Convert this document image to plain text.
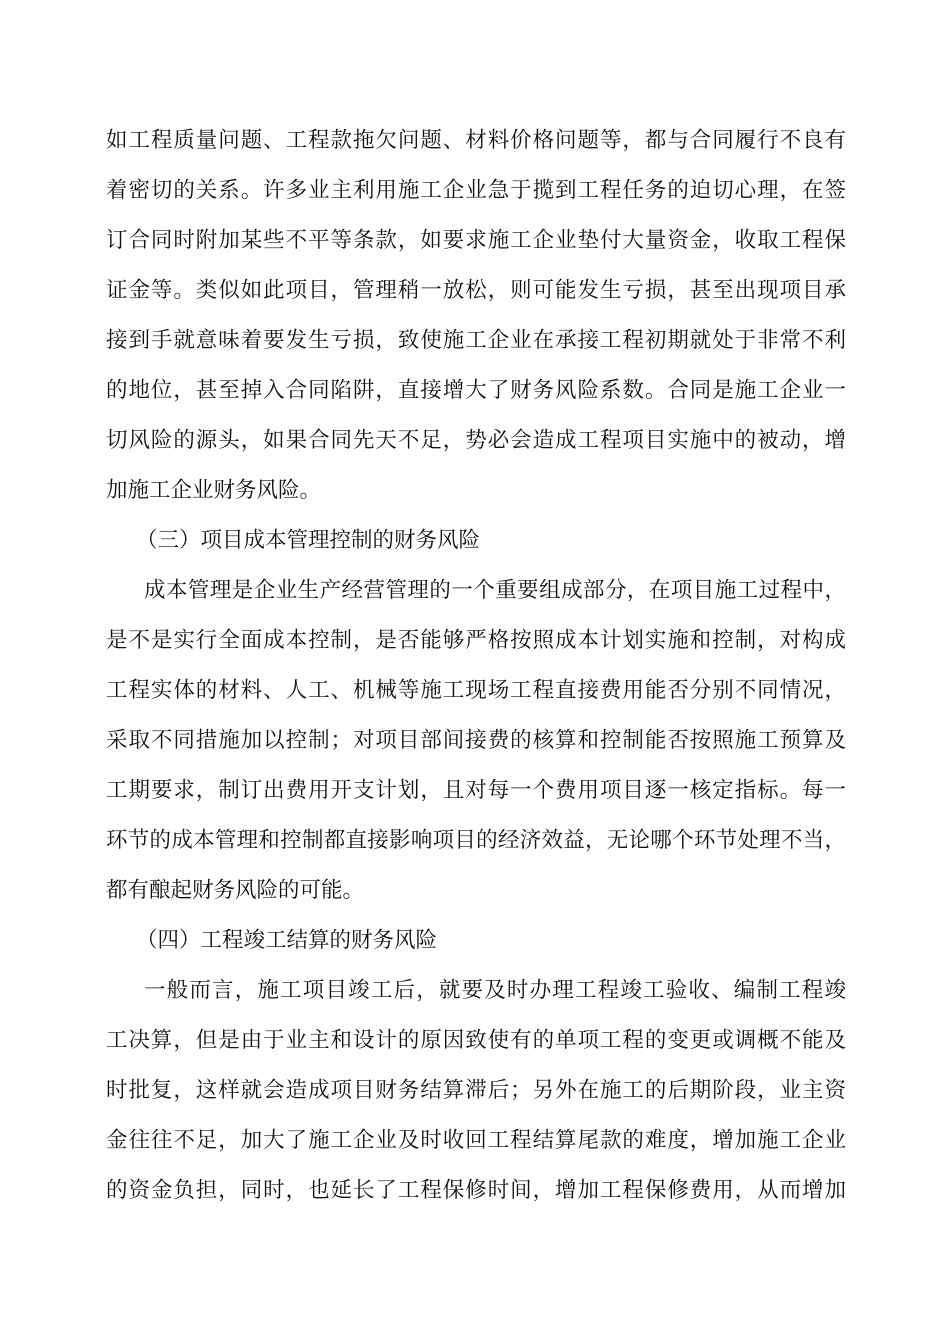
如工程质量问题、工程款拖欠问题、材料价格问题等，都与合同履行不良有
着密切的关系。许多业主利用施工企业急于揽到工程任务的迫切心理，在签
订合同时附加某些不平等条款，如要求施工企业垫付大量资金，收取工程保
证金等。类似如此项目，管理稍一放松，则可能发生亏损，甚至出现项目承
接到手就意味着要发生亏损，致使施工企业在承接工程初期就处于非常不利
的地位，甚至掉入合同陷阱，直接增大了财务风险系数。合同是施工企业一
切风险的源头，如果合同先天不足，势必会造成工程项目实施中的被动，增
加施工企业财务风险。
（三）项目成本管理控制的财务风险
成本管理是企业生产经营管理的一个重要组成部分，在项目施工过程中，
是不是实行全面成本控制，是否能够严格按照成本计划实施和控制，对构成
工程实体的材料、人工、机械等施工现场工程直接费用能否分别不同情况，
采取不同措施加以控制；对项目部间接费的核算和控制能否按照施工预算及
工期要求，制订出费用开支计划，且对每一个费用项目逐一核定指标。每一
环节的成本管理和控制都直接影响项目的经济效益，无论哪个环节处理不当，
都有酿起财务风险的可能。
（四）工程竣工结算的财务风险
一般而言，施工项目竣工后，就要及时办理工程竣工验收、编制工程竣
工决算，但是由于业主和设计的原因致使有的单项工程的变更或调概不能及
时批复，这样就会造成项目财务结算滞后；另外在施工的后期阶段，业主资
金往往不足，加大了施工企业及时收回工程结算尾款的难度，增加施工企业
的资金负担，同时，也延长了工程保修时间，增加工程保修费用，从而增加
